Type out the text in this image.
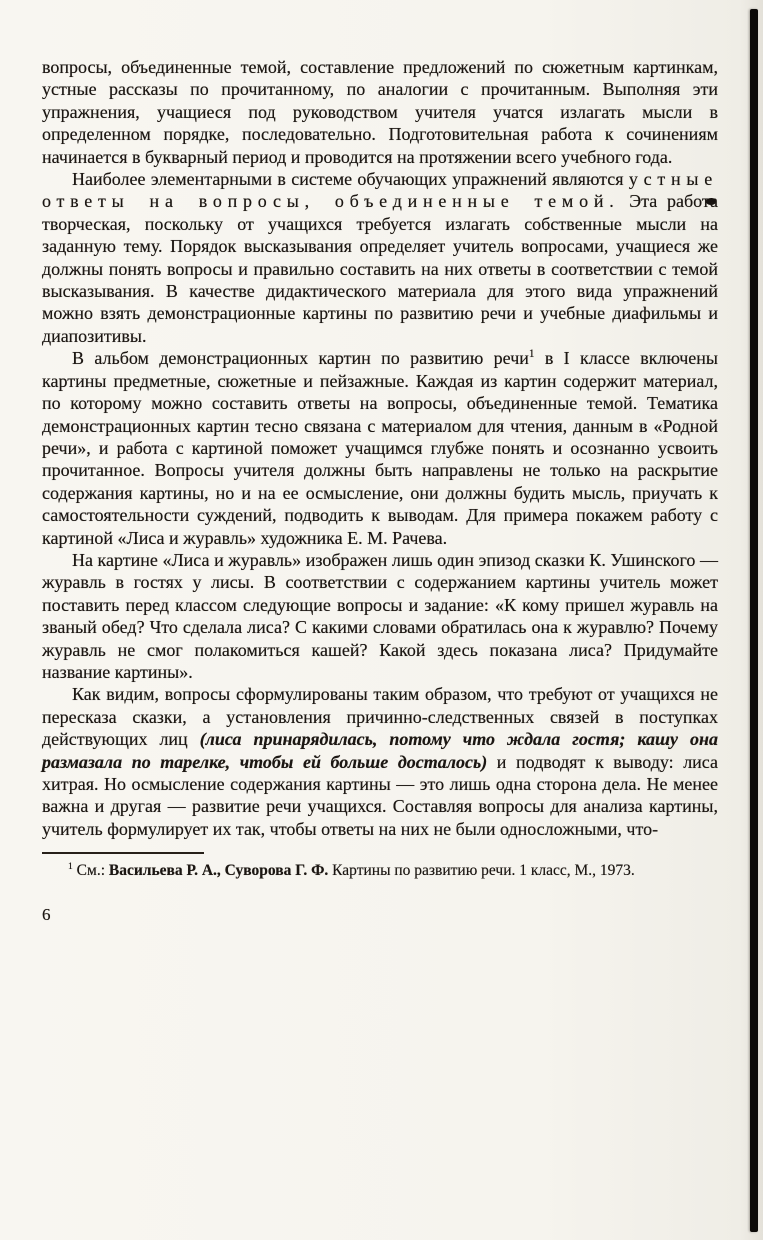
вопросы, объединенные темой, составление предложений по сюжетным картинкам, устные рассказы по прочитанному, по аналогии с прочитанным. Выполняя эти упражнения, учащиеся под руководством учителя учатся излагать мысли в определенном порядке, последовательно. Подготовительная работа к сочинениям начинается в букварный период и проводится на протяжении всего учебного года.

Наиболее элементарными в системе обучающих упражнений являются устные ответы на вопросы, объединенные темой. Эта работа творческая, поскольку от учащихся требуется излагать собственные мысли на заданную тему. Порядок высказывания определяет учитель вопросами, учащиеся же должны понять вопросы и правильно составить на них ответы в соответствии с темой высказывания. В качестве дидактического материала для этого вида упражнений можно взять демонстрационные картины по развитию речи и учебные диафильмы и диапозитивы.

В альбом демонстрационных картин по развитию речи$^1$ в I классе включены картины предметные, сюжетные и пейзажные. Каждая из картин содержит материал, по которому можно составить ответы на вопросы, объединенные темой. Тематика демонстрационных картин тесно связана с материалом для чтения, данным в «Родной речи», и работа с картиной поможет учащимся глубже понять и осознанно усвоить прочитанное. Вопросы учителя должны быть направлены не только на раскрытие содержания картины, но и на ее осмысление, они должны будить мысль, приучать к самостоятельности суждений, подводить к выводам. Для примера покажем работу с картиной «Лиса и журавль» художника Е. М. Рачева.

На картине «Лиса и журавль» изображен лишь один эпизод сказки К. Ушинского — журавль в гостях у лисы. В соответствии с содержанием картины учитель может поставить перед классом следующие вопросы и задание: «К кому пришел журавль на званый обед? Что сделала лиса? С какими словами обратилась она к журавлю? Почему журавль не смог полакомиться кашей? Какой здесь показана лиса? Придумайте название картины».

Как видим, вопросы сформулированы таким образом, что требуют от учащихся не пересказа сказки, а установления причинно-следственных связей в поступках действующих лиц (лиса принарядилась, потому что ждала гостя; кашу она размазала по тарелке, чтобы ей больше досталось) и подводят к выводу: лиса хитрая. Но осмысление содержания картины — это лишь одна сторона дела. Не менее важна и другая — развитие речи учащихся. Составляя вопросы для анализа картины, учитель формулирует их так, чтобы ответы на них не были односложными, что-

$^1$ См.: Васильева Р. А., Суворова Г. Ф. Картины по развитию речи. 1 класс, М., 1973.
6
